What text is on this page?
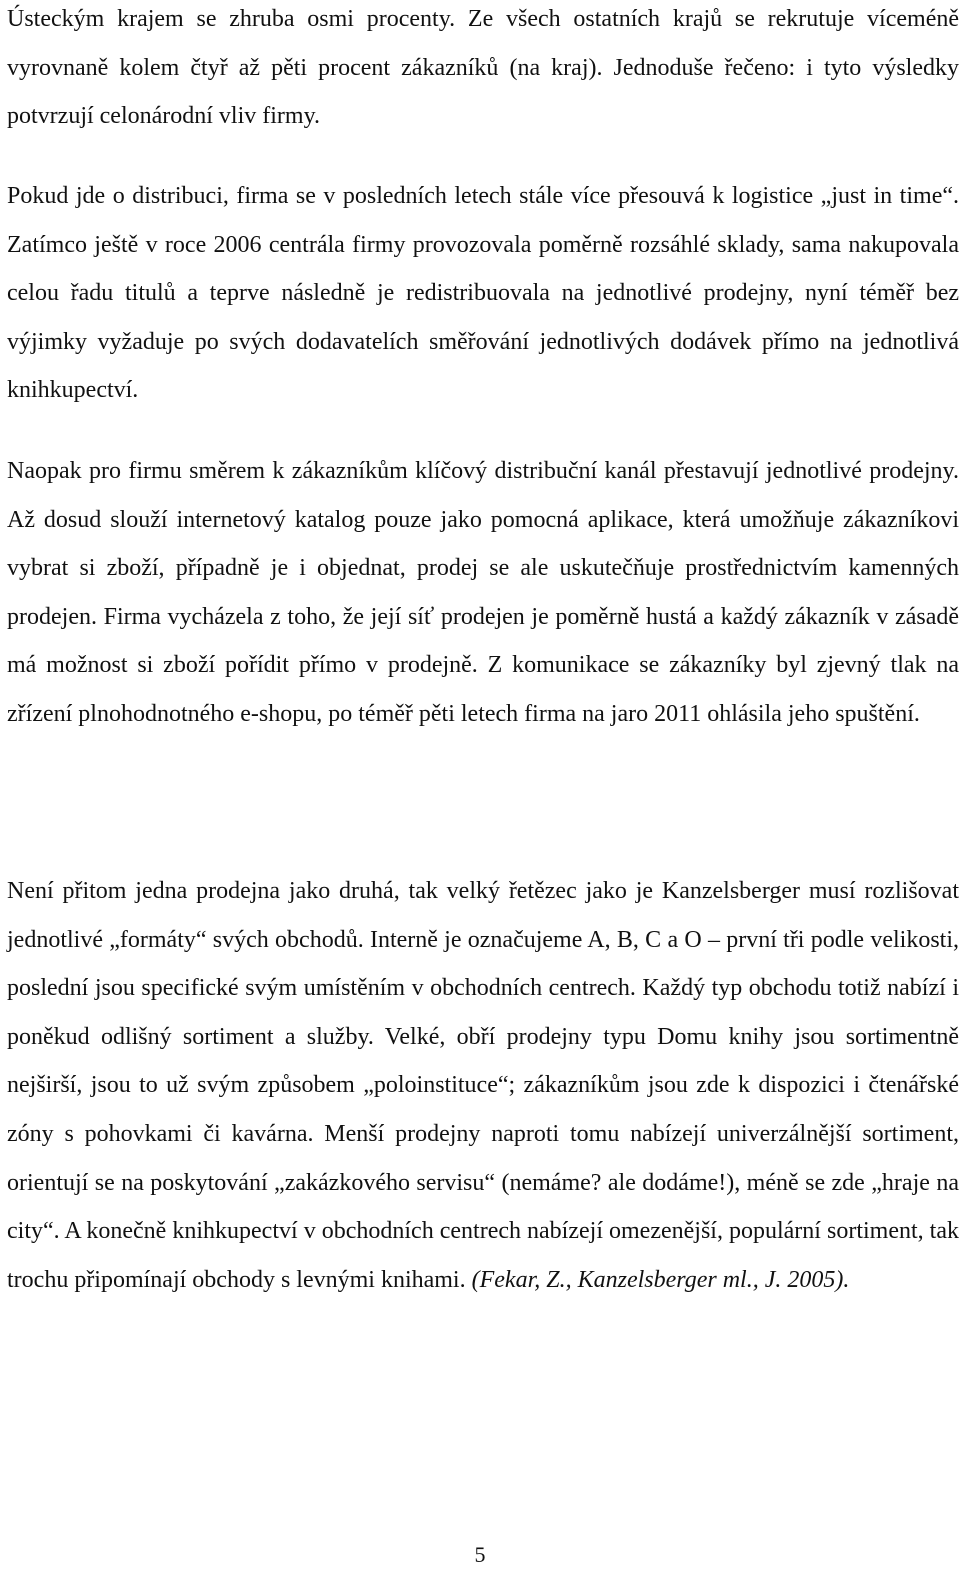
Ústeckým krajem se zhruba osmi procenty. Ze všech ostatních krajů se rekrutuje víceméně vyrovnaně kolem čtyř až pěti procent zákazníků (na kraj). Jednoduše řečeno: i tyto výsledky potvrzují celonárodní vliv firmy.

Pokud jde o distribuci, firma se v posledních letech stále více přesouvá k logistice „just in time“. Zatímco ještě v roce 2006 centrála firmy provozovala poměrně rozsáhlé sklady, sama nakupovala celou řadu titulů a teprve následně je redistribuovala na jednotlivé prodejny, nyní téměř bez výjimky vyžaduje po svých dodavatelích směřování jednotlivých dodávek přímo na jednotlivá knihkupectví.

Naopak pro firmu směrem k zákazníkům klíčový distribuční kanál přestavují jednotlivé prodejny. Až dosud slouží internetový katalog pouze jako pomocná aplikace, která umožňuje zákazníkovi vybrat si zboží, případně je i objednat, prodej se ale uskutečňuje prostřednictvím kamenných prodejen. Firma vycházela z toho, že její síť prodejen je poměrně hustá a každý zákazník v zásadě má možnost si zboží pořídit přímo v prodejně. Z komunikace se zákazníky byl zjevný tlak na zřízení plnohodnotného e-shopu, po téměř pěti letech firma na jaro 2011 ohlásila jeho spuštění.

Není přitom jedna prodejna jako druhá, tak velký řetězec jako je Kanzelsberger musí rozlišovat jednotlivé „formáty“ svých obchodů. Interně je označujeme A, B, C a O – první tři podle velikosti, poslední jsou specifické svým umístěním v obchodních centrech. Každý typ obchodu totiž nabízí i poněkud odlišný sortiment a služby. Velké, obří prodejny typu Domu knihy jsou sortimentně nejširší, jsou to už svým způsobem „poloinstituce“; zákazníkům jsou zde k dispozici i čtenářské zóny s pohovkami či kavárna. Menší prodejny naproti tomu nabízejí univerzálnější sortiment, orientují se na poskytování „zakázkového servisu“ (nemáme? ale dodáme!), méně se zde „hraje na city“. A konečně knihkupectví v obchodních centrech nabízejí omezenější, populární sortiment, tak trochu připomínají obchody s levnými knihami. (Fekar, Z., Kanzelsberger ml., J. 2005).

5
